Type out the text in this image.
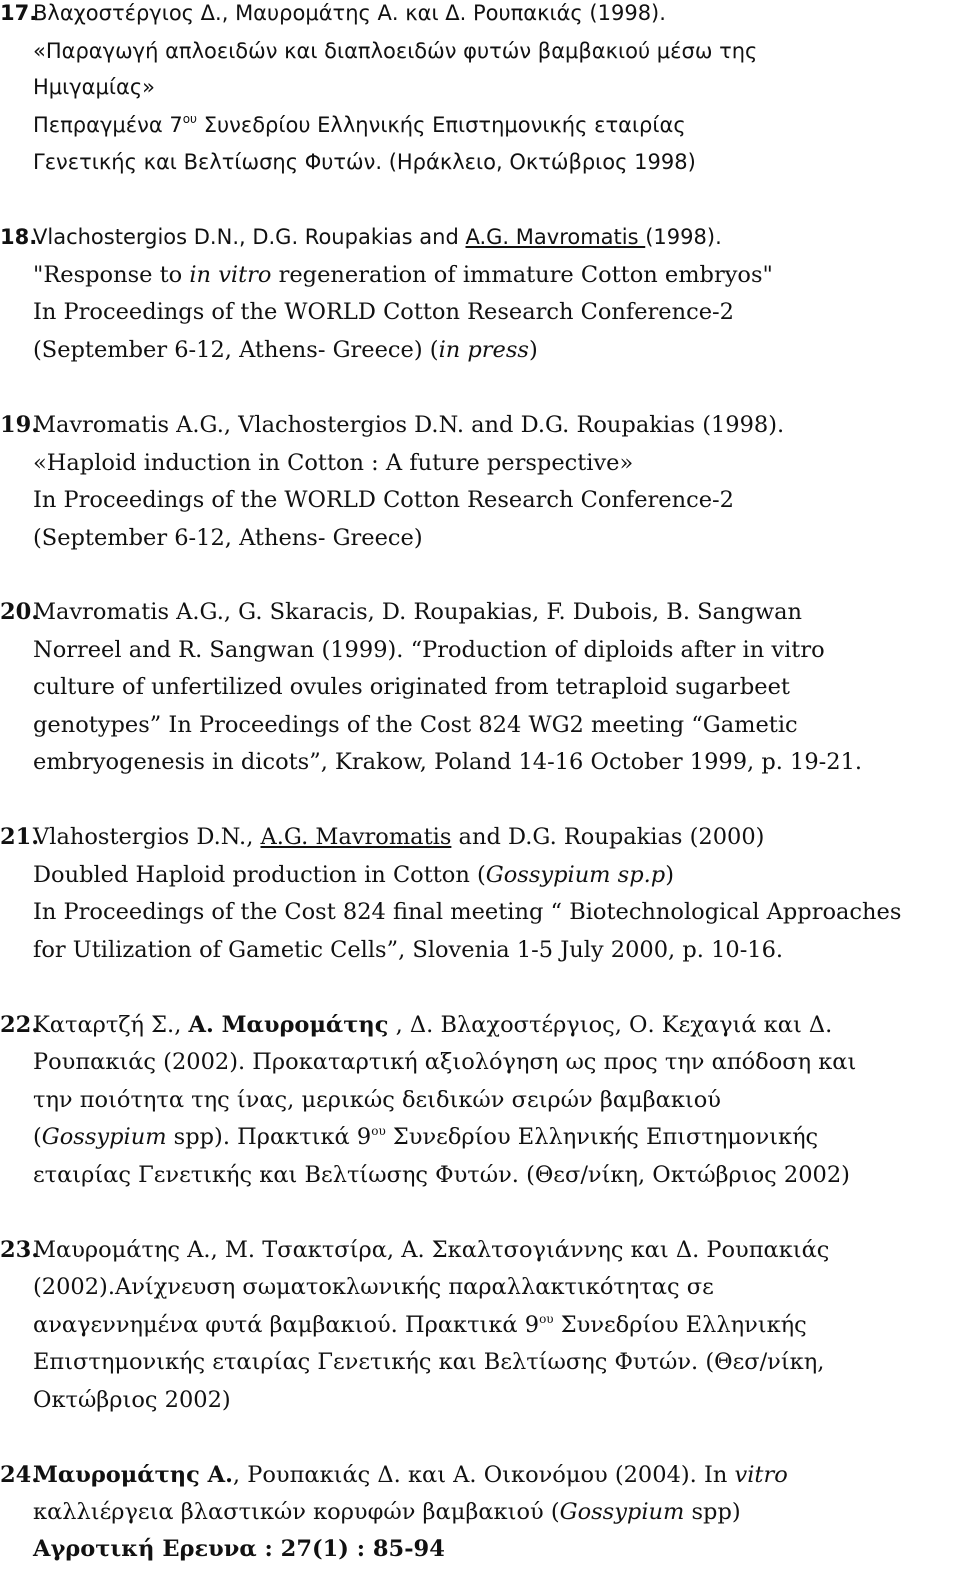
17.
Βλαχοστέργιος Δ., Μαυρομάτης Α. και Δ. Ρουπακιάς (1998).
«Παραγωγή απλοειδών και διαπλοειδών φυτών βαμβακιού μέσω της
Ημιγαμίας»
Πεπραγμένα $7^{o\upsilon}$ Συνεδρίου Ελληνικής Επιστημονικής εταιρίας
Γενετικής και Βελτίωσης Φυτών. (Ηράκλειο, Οκτώβριος 1998)
18.
Vlachostergios D.N., D.G. Roupakias and A.G. Mavromatis (1998).
"Response to in vitro regeneration of immature Cotton embryos"
In Proceedings of the WORLD Cotton Research Conference-2
(September 6-12, Athens- Greece) (in press)
19.
Mavromatis A.G., Vlachostergios D.N. and D.G. Roupakias (1998).
«Haploid induction in Cotton : A future perspective»
In Proceedings of the WORLD Cotton Research Conference-2
(September 6-12, Athens- Greece)
20.
Mavromatis A.G., G. Skaracis, D. Roupakias, F. Dubois, B. Sangwan
Norreel and R. Sangwan (1999). “Production of diploids after in vitro
culture of unfertilized ovules originated from tetraploid sugarbeet
genotypes” In Proceedings of the Cost 824 WG2 meeting “Gametic
embryogenesis in dicots”, Krakow, Poland 14-16 October 1999, p. 19-21.
21.
Vlahostergios D.N., A.G. Mavromatis and D.G. Roupakias (2000)
Doubled Haploid production in Cotton (Gossypium sp.p)
In Proceedings of the Cost 824 final meeting “ Biotechnological Approaches
for Utilization of Gametic Cells”, Slovenia 1-5 July 2000, p. 10-16.
22.
Καταρτζή Σ., Α. Μαυρομάτης , Δ. Βλαχοστέργιος, Ο. Κεχαγιά και Δ.
Ρουπακιάς (2002). Προκαταρτική αξιολόγηση ως προς την απόδοση και
την ποιότητα της ίνας, μερικώς δειδικών σειρών βαμβακιού
(Gossypium spp). Πρακτικά $9^{o\upsilon}$ Συνεδρίου Ελληνικής Επιστημονικής
εταιρίας Γενετικής και Βελτίωσης Φυτών. (Θεσ/νίκη, Οκτώβριος 2002)
23.
Μαυρομάτης Α., Μ. Τσακτσίρα, Α. Σκαλτσογιάννης και Δ. Ρουπακιάς
(2002).Ανίχνευση σωματοκλωνικής παραλλακτικότητας σε
αναγεννημένα φυτά βαμβακιού. Πρακτικά $9^{o\upsilon}$ Συνεδρίου Ελληνικής
Επιστημονικής εταιρίας Γενετικής και Βελτίωσης Φυτών. (Θεσ/νίκη,
Οκτώβριος 2002)
24.
Μαυρομάτης Α., Ρουπακιάς Δ. και Α. Οικονόμου (2004). In vitro
καλλιέργεια βλαστικών κορυφών βαμβακιού (Gossypium spp)
Αγροτική Ερευνα : 27(1) : 85-94
